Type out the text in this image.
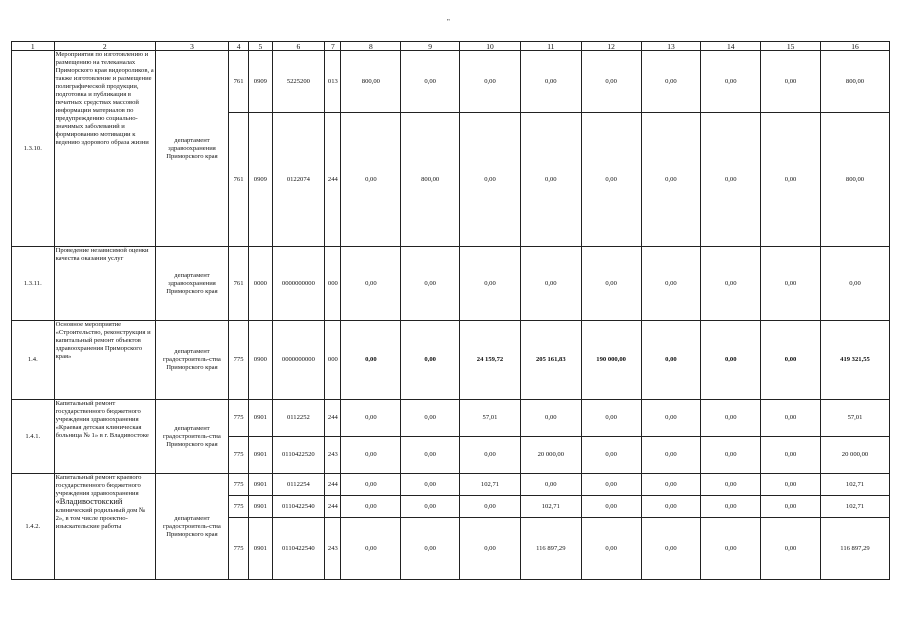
"
1	2	3	4	5	6	7	8	9	10	11	12	13	14	15	16
1.3.10.	Мероприятия по изготовлению и размещению на телеканалах Приморского края видеороликов, а также изготовление и размещение полиграфической продукции, подготовка и публикация в печатных средствах массовой информации материалов по предупреждению социально-значимых заболеваний и формированию мотивации к ведению здорового образа жизни	департамент здравоохранения Приморского края	761	0909	5225200	013	800,00	0,00	0,00	0,00	0,00	0,00	0,00	0,00	800,00
			761	0909	0122074	244	0,00	800,00	0,00	0,00	0,00	0,00	0,00	0,00	800,00
1.3.11.	Проведение независимой оценки качества оказания услуг	департамент здравоохранения Приморского края	761	0000	0000000000	000	0,00	0,00	0,00	0,00	0,00	0,00	0,00	0,00	0,00
1.4.	Основное мероприятие «Строительство, реконструкция и капитальный ремонт объектов здравоохранения Приморского края»	департамент градостроитель-ства Приморского края	775	0900	0000000000	000	0,00	0,00	24 159,72	205 161,83	190 000,00	0,00	0,00	0,00	419 321,55
1.4.1.	Капитальный ремонт государственного бюджетного учреждения здравоохранения «Краевая детская клиническая больница № 1» в г. Владивостоке	департамент градостроитель-ства Приморского края	775	0901	0112252	244	0,00	0,00	57,01	0,00	0,00	0,00	0,00	0,00	57,01
			775	0901	0110422520	243	0,00	0,00	0,00	20 000,00	0,00	0,00	0,00	0,00	20 000,00
1.4.2.	Капитальный ремонт краевого государственного бюджетного учреждения здравоохранения «Владивостокский клинический родильный дом № 2», в том числе проектно-изыскательские работы	департамент градостроитель-ства Приморского края	775	0901	0112254	244	0,00	0,00	102,71	0,00	0,00	0,00	0,00	0,00	102,71
			775	0901	0110422540	244	0,00	0,00	0,00	102,71	0,00	0,00	0,00	0,00	102,71
			775	0901	0110422540	243	0,00	0,00	0,00	116 897,29	0,00	0,00	0,00	0,00	116 897,29
